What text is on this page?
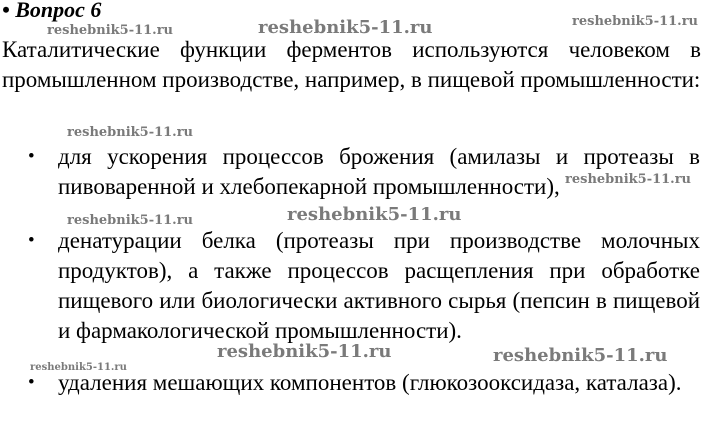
• Вопрос 6
Каталитические функции ферментов используются человеком в промышленном производстве, например, в пищевой промышленности:
• для ускорения процессов брожения (амилазы и протеазы в пивоваренной и хлебопекарной промышленности),
• денатурации белка (протеазы при производстве молочных продуктов), а также процессов расщепления при обработке пищевого или биологически активного сырья (пепсин в пищевой и фармакологической промышленности).
• удаления мешающих компонентов (глюкозооксидаза, каталаза).
reshebnik5-11.ru	reshebnik5-11.ru	reshebnik5-11.ru
reshebnik5-11.ru
reshebnik5-11.ru
reshebnik5-11.ru	reshebnik5-11.ru
reshebnik5-11.ru	reshebnik5-11.ru
reshebnik5-11.ru
